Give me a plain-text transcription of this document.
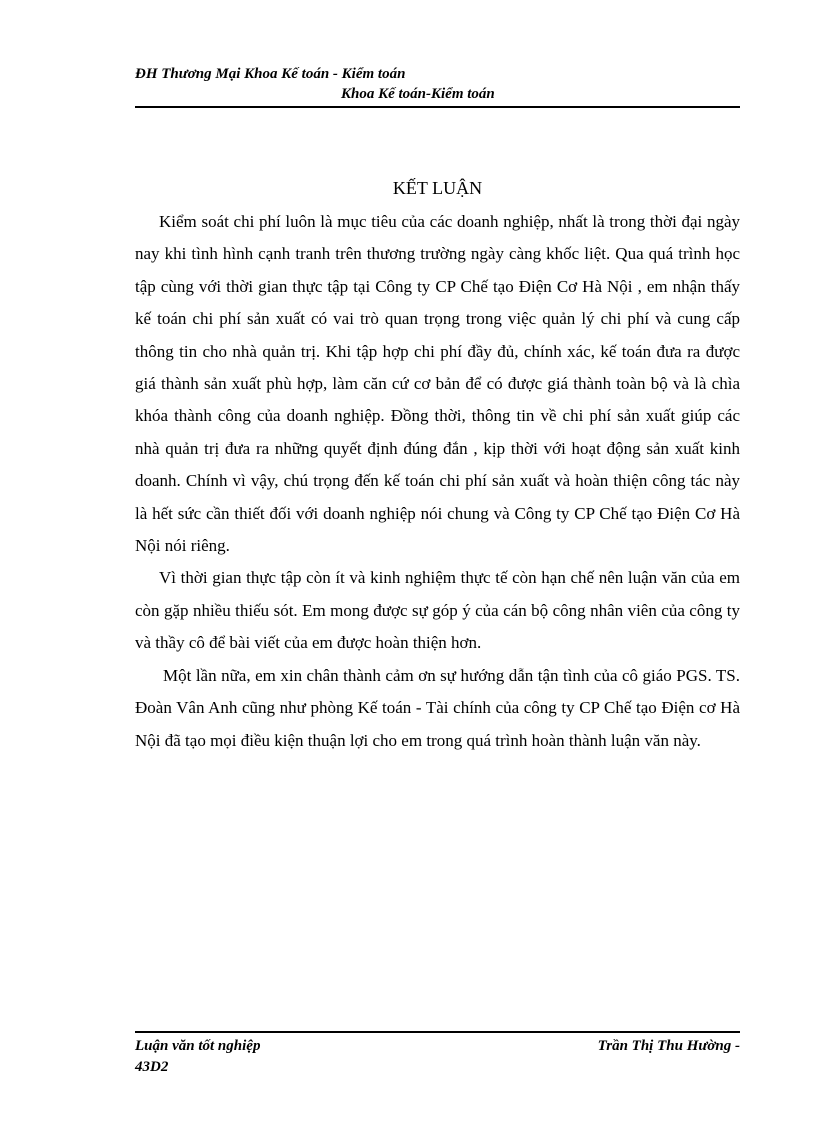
ĐH Thương Mại Khoa Kế toán - Kiểm toán
Khoa Kế toán-Kiểm toán
KẾT LUẬN

Kiểm soát chi phí luôn là mục tiêu của các doanh nghiệp, nhất là trong thời đại ngày nay khi tình hình cạnh tranh trên thương trường ngày càng khốc liệt. Qua quá trình học tập cùng với thời gian thực tập tại Công ty CP Chế tạo Điện Cơ Hà Nội , em nhận thấy kế toán chi phí sản xuất có vai trò quan trọng trong việc quản lý chi phí và cung cấp thông tin cho nhà quản trị. Khi tập hợp chi phí đầy đủ, chính xác, kế toán đưa ra được giá thành sản xuất phù hợp, làm căn cứ cơ bản để có được giá thành toàn bộ và là chìa khóa thành công của doanh nghiệp. Đồng thời, thông tin về chi phí sản xuất giúp các nhà quản trị đưa ra những quyết định đúng đắn , kịp thời với hoạt động sản xuất kinh doanh. Chính vì vậy, chú trọng đến kế toán chi phí sản xuất và hoàn thiện công tác này là hết sức cần thiết đối với doanh nghiệp nói chung và Công ty CP Chế tạo Điện Cơ Hà Nội nói riêng.

Vì thời gian thực tập còn ít và kinh nghiệm thực tế còn hạn chế nên luận văn của em còn gặp nhiều thiếu sót. Em mong được sự góp ý của cán bộ công nhân viên của công ty và thầy cô để bài viết của em được hoàn thiện hơn.

Một lần nữa, em xin chân thành cảm ơn sự hướng dẫn tận tình của cô giáo PGS. TS. Đoàn Vân Anh cũng như phòng Kế toán - Tài chính của công ty CP Chế tạo Điện cơ Hà Nội đã tạo mọi điều kiện thuận lợi cho em trong quá trình hoàn thành luận văn này.

Luận văn tốt nghiệp	Trần Thị Thu Hường -
43D2
